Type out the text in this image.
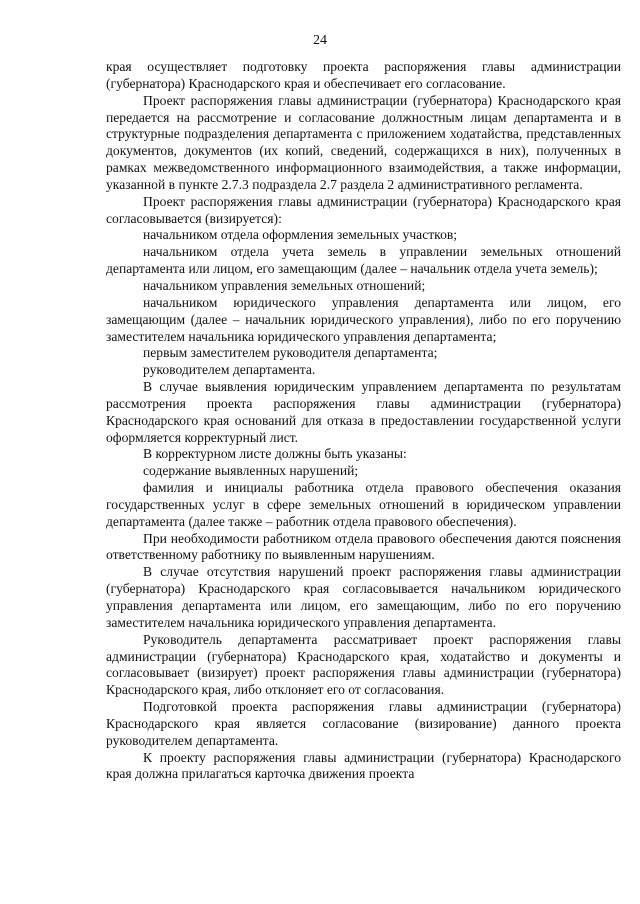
24

края осуществляет подготовку проекта распоряжения главы администрации (губернатора) Краснодарского края и обеспечивает его согласование.

Проект распоряжения главы администрации (губернатора) Краснодарского края передается на рассмотрение и согласование должностным лицам департамента и в структурные подразделения департамента с приложением ходатайства, представленных документов, документов (их копий, сведений, содержащихся в них), полученных в рамках межведомственного информационного взаимодействия, а также информации, указанной в пункте 2.7.3 подраздела 2.7 раздела 2 административного регламента.

Проект распоряжения главы администрации (губернатора) Краснодарского края согласовывается (визируется):

начальником отдела оформления земельных участков;

начальником отдела учета земель в управлении земельных отношений департамента или лицом, его замещающим (далее – начальник отдела учета земель);

начальником управления земельных отношений;

начальником юридического управления департамента или лицом, его замещающим (далее – начальник юридического управления), либо по его поручению заместителем начальника юридического управления департамента;

первым заместителем руководителя департамента;

руководителем департамента.

В случае выявления юридическим управлением департамента по результатам рассмотрения проекта распоряжения главы администрации (губернатора) Краснодарского края оснований для отказа в предоставлении государственной услуги оформляется корректурный лист.

В корректурном листе должны быть указаны:

содержание выявленных нарушений;

фамилия и инициалы работника отдела правового обеспечения оказания государственных услуг в сфере земельных отношений в юридическом управлении департамента (далее также – работник отдела правового обеспечения).

При необходимости работником отдела правового обеспечения даются пояснения ответственному работнику по выявленным нарушениям.

В случае отсутствия нарушений проект распоряжения главы администрации (губернатора) Краснодарского края согласовывается начальником юридического управления департамента или лицом, его замещающим, либо по его поручению заместителем начальника юридического управления департамента.

Руководитель департамента рассматривает проект распоряжения главы администрации (губернатора) Краснодарского края, ходатайство и документы и согласовывает (визирует) проект распоряжения главы администрации (губернатора) Краснодарского края, либо отклоняет его от согласования.

Подготовкой проекта распоряжения главы администрации (губернатора) Краснодарского края является согласование (визирование) данного проекта руководителем департамента.

К проекту распоряжения главы администрации (губернатора) Краснодарского края должна прилагаться карточка движения проекта
